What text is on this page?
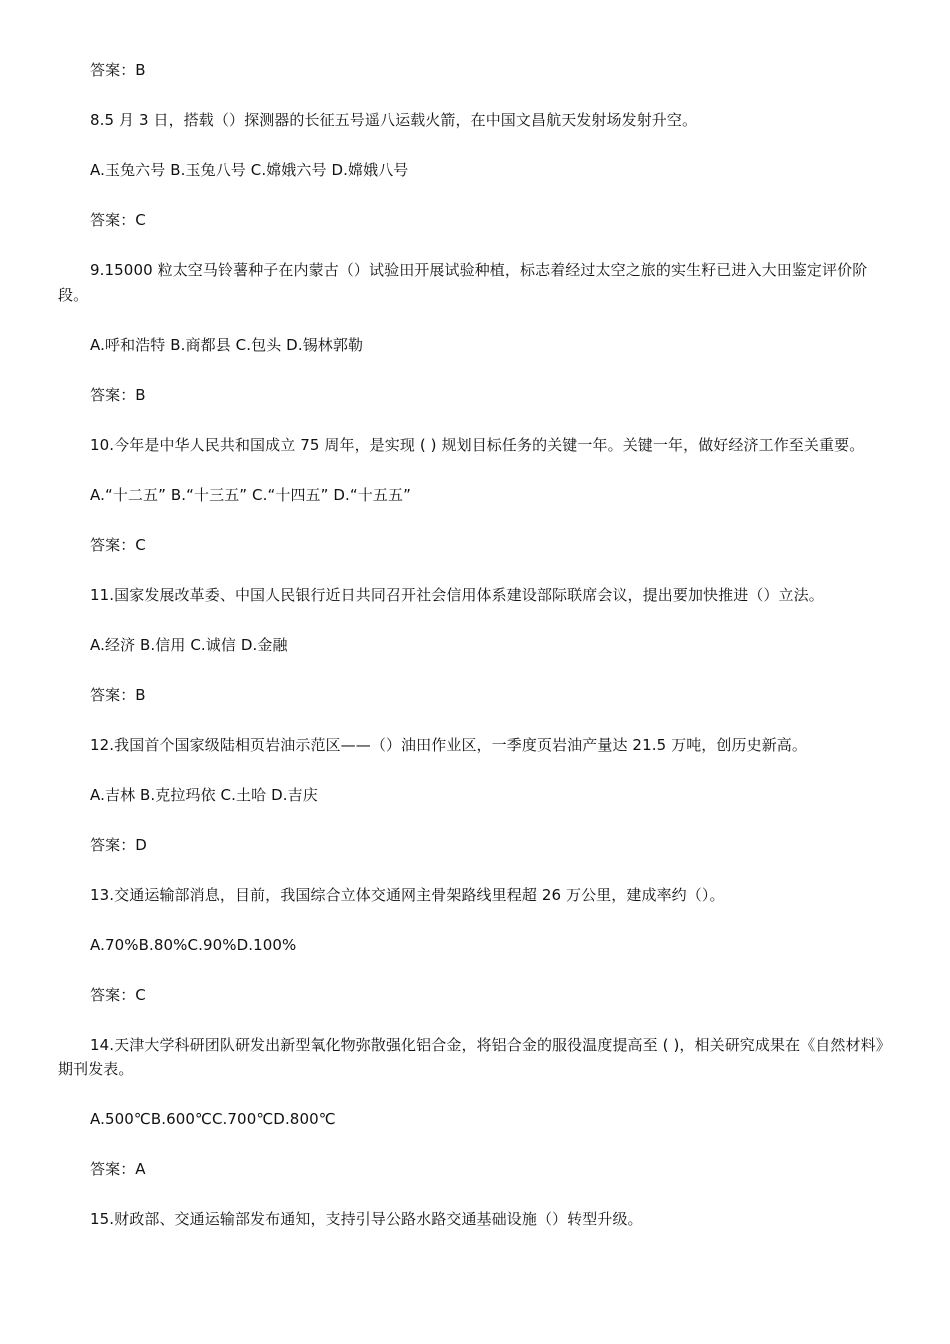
答案：B

8.5 月 3 日，搭载（）探测器的长征五号遥八运载火箭，在中国文昌航天发射场发射升空。

A.玉兔六号 B.玉兔八号 C.嫦娥六号 D.嫦娥八号

答案：C

9.15000 粒太空马铃薯种子在内蒙古（）试验田开展试验种植，标志着经过太空之旅的实生籽已进入大田鉴定评价阶段。

A.呼和浩特 B.商都县 C.包头 D.锡林郭勒

答案：B

10.今年是中华人民共和国成立 75 周年，是实现 ( ) 规划目标任务的关键一年。关键一年，做好经济工作至关重要。

A.“十二五” B.“十三五” C.“十四五” D.“十五五”

答案：C

11.国家发展改革委、中国人民银行近日共同召开社会信用体系建设部际联席会议，提出要加快推进（）立法。

A.经济 B.信用 C.诚信 D.金融

答案：B

12.我国首个国家级陆相页岩油示范区——（）油田作业区，一季度页岩油产量达 21.5 万吨，创历史新高。

A.吉林 B.克拉玛依 C.土哈 D.吉庆

答案：D

13.交通运输部消息，目前，我国综合立体交通网主骨架路线里程超 26 万公里，建成率约（）。

A.70%B.80%C.90%D.100%

答案：C

14.天津大学科研团队研发出新型氧化物弥散强化铝合金，将铝合金的服役温度提高至 ( )，相关研究成果在《自然材料》期刊发表。

A.500℃B.600℃C.700℃D.800℃

答案：A

15.财政部、交通运输部发布通知，支持引导公路水路交通基础设施（）转型升级。
